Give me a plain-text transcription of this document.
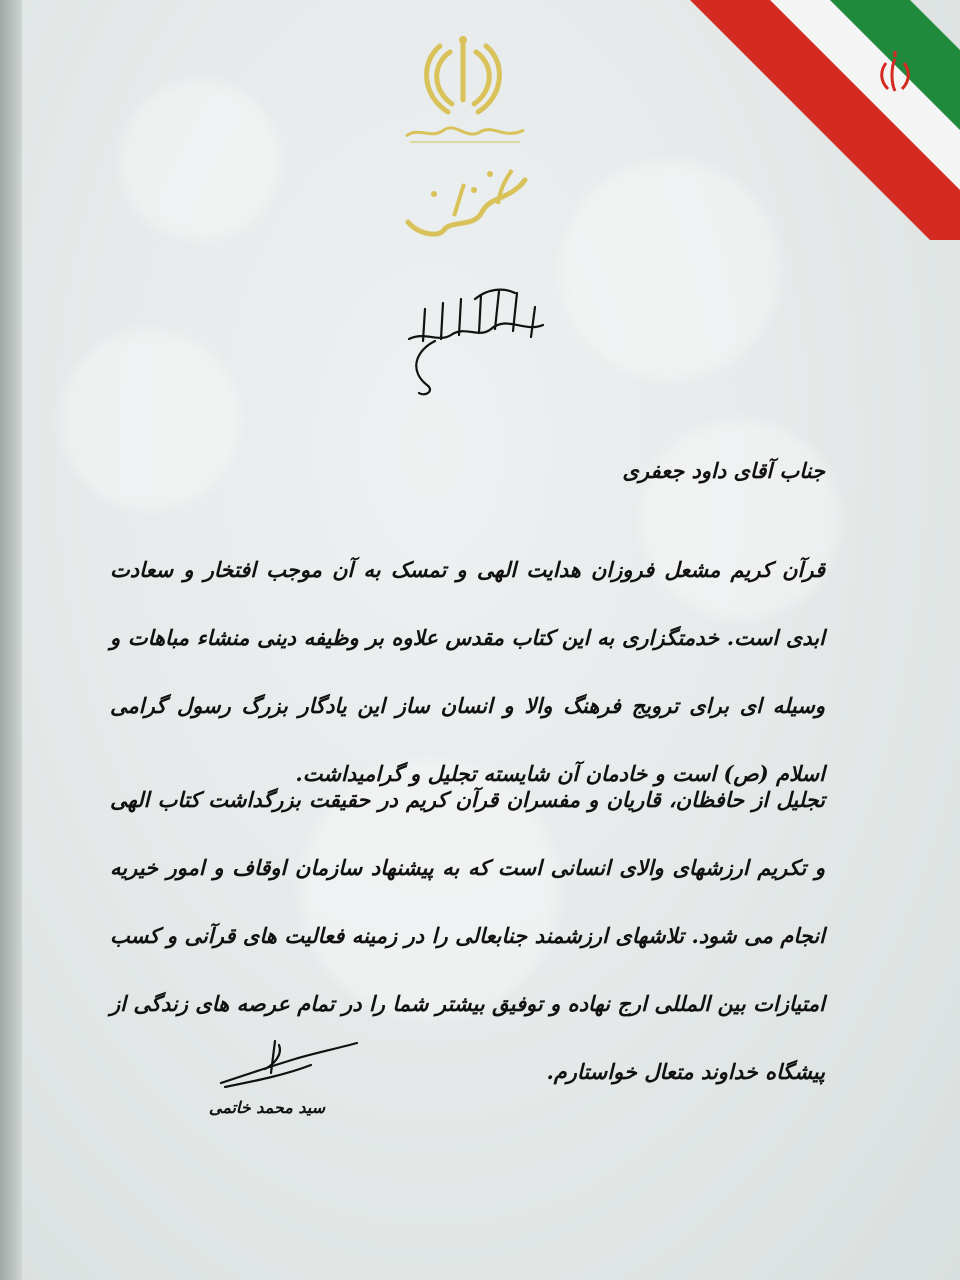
جناب آقای داود جعفری
قرآن کریم مشعل فروزان هدایت الهی و تمسک به آن موجب افتخار و سعادت ابدی است. خدمتگزاری به این کتاب مقدس علاوه بر وظیفه دینی منشاء مباهات و وسیله ای برای ترویج فرهنگ والا و انسان ساز این یادگار بزرگ رسول گرامی اسلام (ص) است و خادمان آن شایسته تجلیل و گرامیداشت.
تجلیل از حافظان، قاریان و مفسران قرآن کریم در حقیقت بزرگداشت کتاب الهی و تکریم ارزشهای والای انسانی است که به پیشنهاد سازمان اوقاف و امور خیریه انجام می شود. تلاشهای ارزشمند جنابعالی را در زمینه فعالیت های قرآنی و کسب امتیازات بین المللی ارج نهاده و توفیق بیشتر شما را در تمام عرصه های زندگی از پیشگاه خداوند متعال خواستارم.
سید محمد خاتمی
